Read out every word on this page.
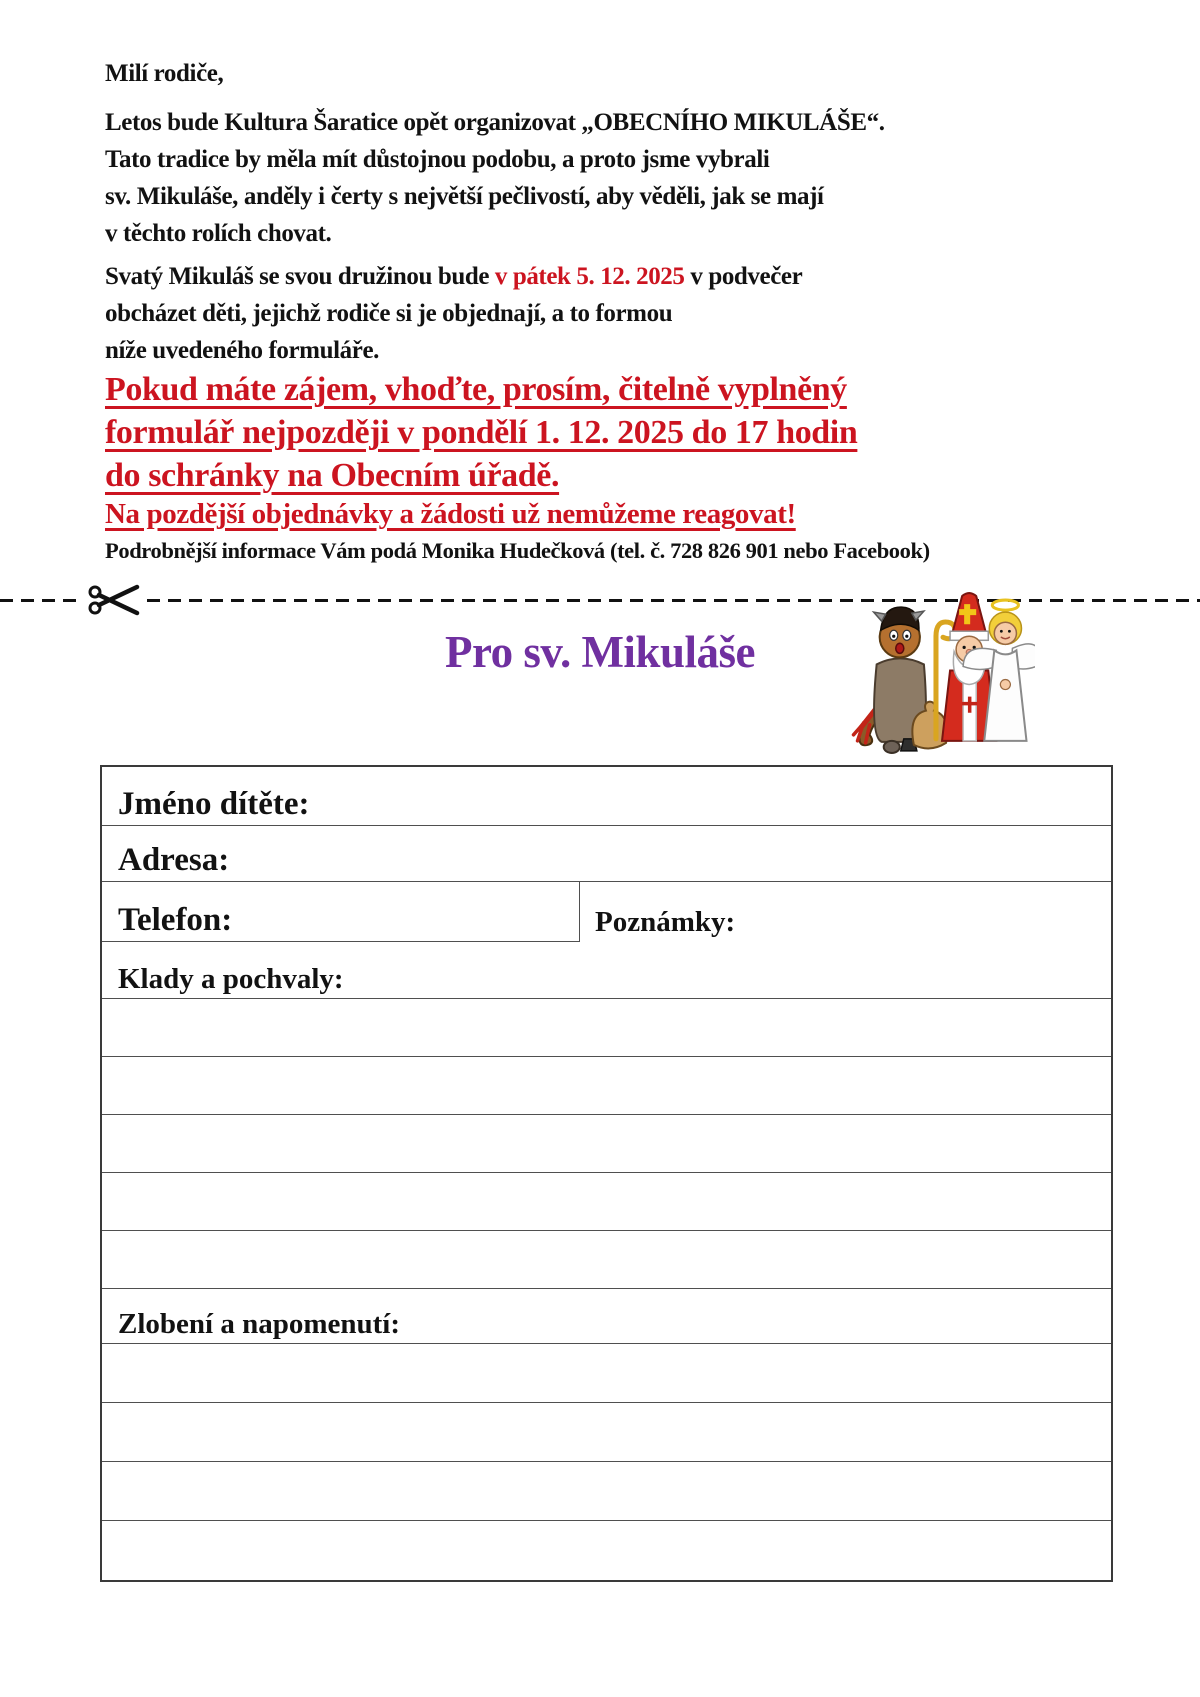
Milí rodiče,
Letos bude Kultura Šaratice opět organizovat „OBECNÍHO MIKULÁŠE“.
Tato tradice by měla mít důstojnou podobu, a proto jsme vybrali
sv. Mikuláše, anděly i čerty s největší pečlivostí, aby věděli, jak se mají
v těchto rolích chovat.
Svatý Mikuláš se svou družinou bude v pátek 5. 12. 2025 v podvečer
obcházet děti, jejichž rodiče si je objednají, a to formou
níže uvedeného formuláře.
Pokud máte zájem, vhoďte, prosím, čitelně vyplněný
formulář nejpozději v pondělí 1. 12. 2025 do 17 hodin
do schránky na Obecním úřadě.
Na pozdější objednávky a žádosti už nemůžeme reagovat!
Podrobnější informace Vám podá Monika Hudečková (tel. č. 728 826 901 nebo Facebook)
Pro sv. Mikuláše
Jméno dítěte:
Adresa:
Telefon:	Poznámky:
Klady a pochvaly:
Zlobení a napomenutí:
